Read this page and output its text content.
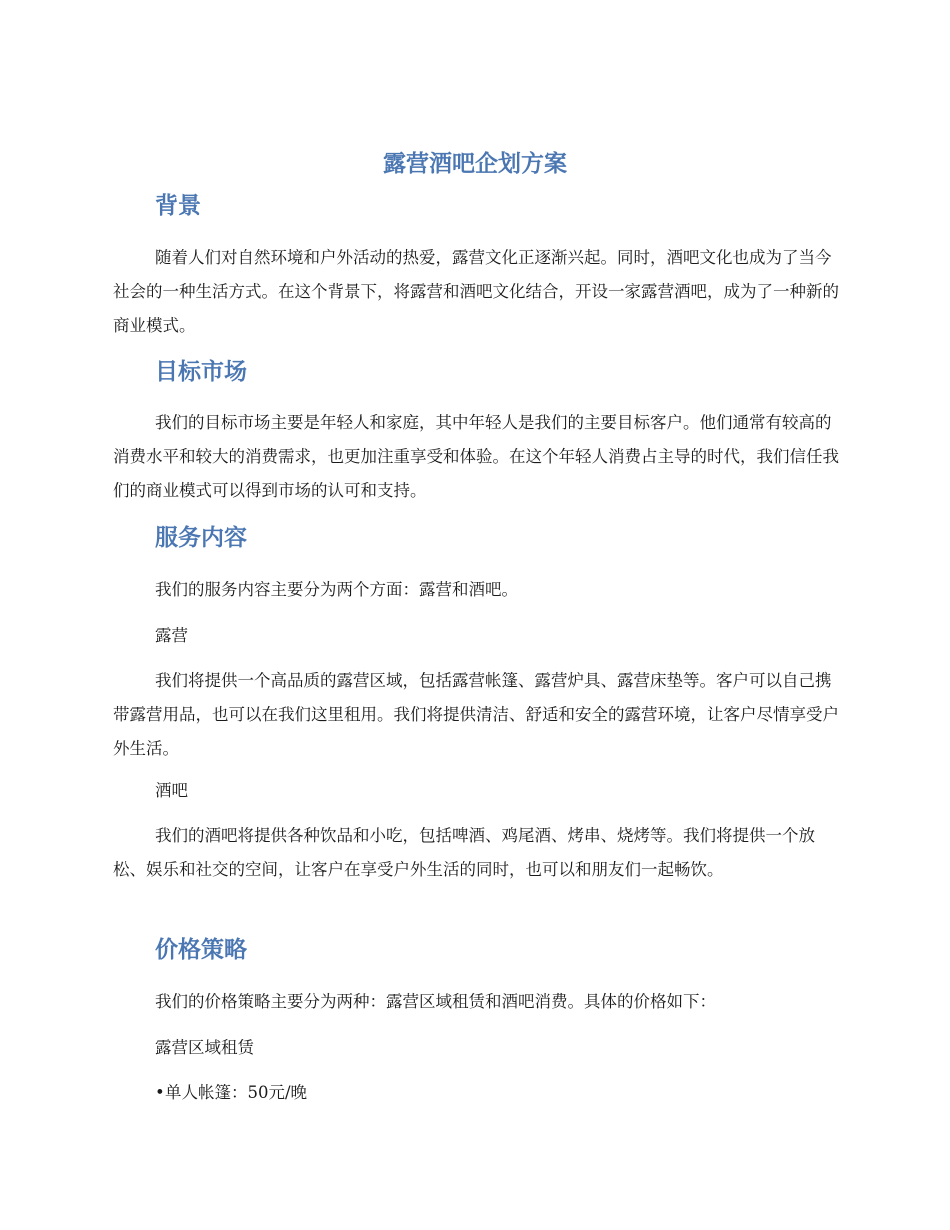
露营酒吧企划方案
背景
随着人们对自然环境和户外活动的热爱，露营文化正逐渐兴起。同时，酒吧文化也成为了当今社会的一种生活方式。在这个背景下，将露营和酒吧文化结合，开设一家露营酒吧，成为了一种新的商业模式。
目标市场
我们的目标市场主要是年轻人和家庭，其中年轻人是我们的主要目标客户。他们通常有较高的消费水平和较大的消费需求，也更加注重享受和体验。在这个年轻人消费占主导的时代，我们信任我们的商业模式可以得到市场的认可和支持。
服务内容
我们的服务内容主要分为两个方面：露营和酒吧。
露营
我们将提供一个高品质的露营区域，包括露营帐篷、露营炉具、露营床垫等。客户可以自己携带露营用品，也可以在我们这里租用。我们将提供清洁、舒适和安全的露营环境，让客户尽情享受户外生活。
酒吧
我们的酒吧将提供各种饮品和小吃，包括啤酒、鸡尾酒、烤串、烧烤等。我们将提供一个放松、娱乐和社交的空间，让客户在享受户外生活的同时，也可以和朋友们一起畅饮。
价格策略
我们的价格策略主要分为两种：露营区域租赁和酒吧消费。具体的价格如下：
露营区域租赁
•单人帐篷：50元/晚
